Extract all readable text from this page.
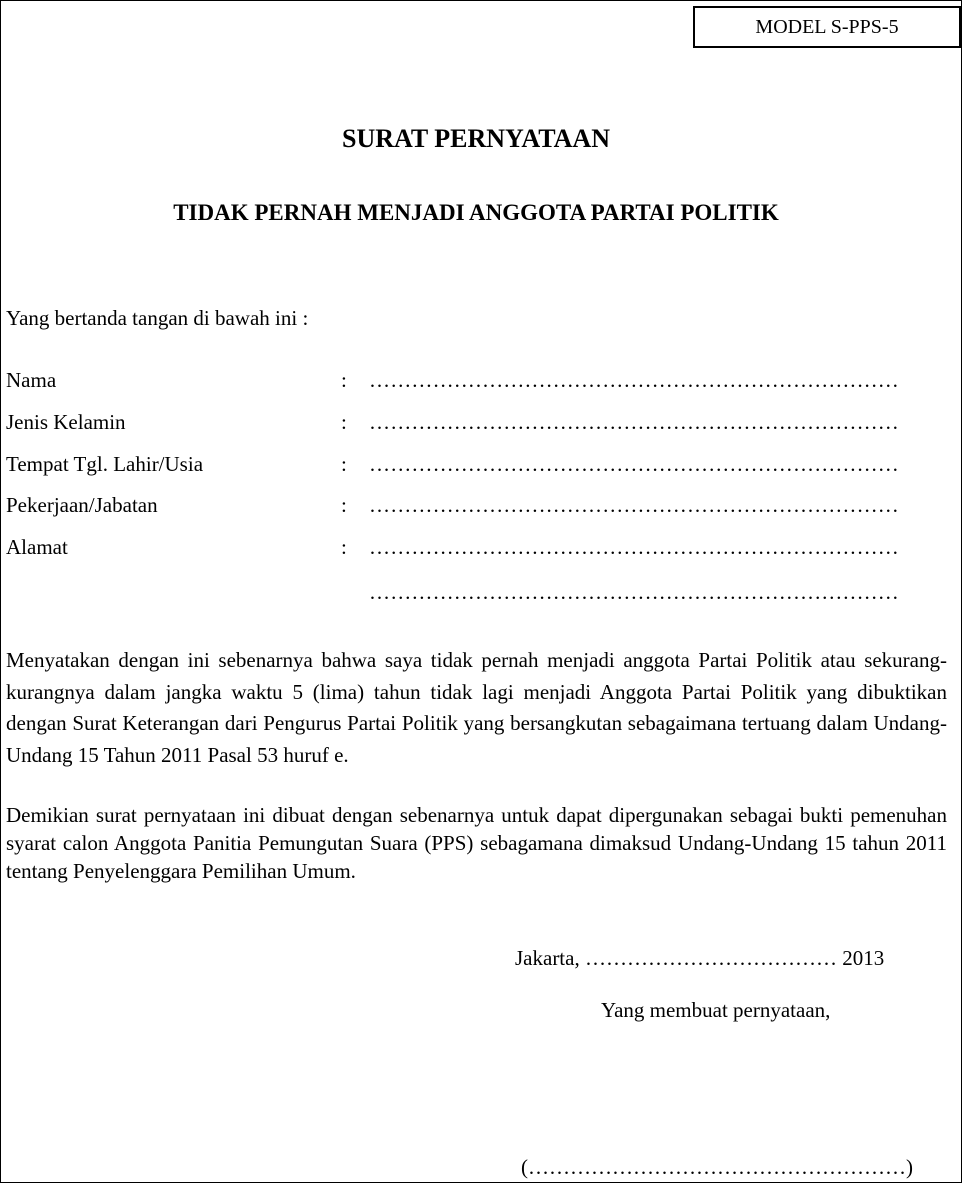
MODEL S-PPS-5
SURAT PERNYATAAN
TIDAK PERNAH MENJADI ANGGOTA PARTAI POLITIK
Yang bertanda tangan di bawah ini :
Nama	: …………………………………………………………………
Jenis Kelamin	: …………………………………………………………………
Tempat Tgl. Lahir/Usia	: …………………………………………………………………
Pekerjaan/Jabatan	: …………………………………………………………………
Alamat	: …………………………………………………………………
…………………………………………………………………
Menyatakan dengan ini sebenarnya bahwa saya tidak pernah menjadi anggota Partai Politik atau sekurang-kurangnya dalam jangka waktu 5 (lima) tahun tidak lagi menjadi Anggota Partai Politik yang dibuktikan dengan Surat Keterangan dari Pengurus Partai Politik yang bersangkutan sebagaimana tertuang dalam Undang-Undang 15 Tahun 2011 Pasal 53 huruf e.
Demikian surat pernyataan ini dibuat dengan sebenarnya untuk dapat dipergunakan sebagai bukti pemenuhan syarat calon Anggota Panitia Pemungutan Suara (PPS) sebagamana dimaksud Undang-Undang 15 tahun 2011 tentang Penyelenggara Pemilihan Umum.
Jakarta, ……………………………… 2013
Yang membuat pernyataan,
(………………………………………………)
